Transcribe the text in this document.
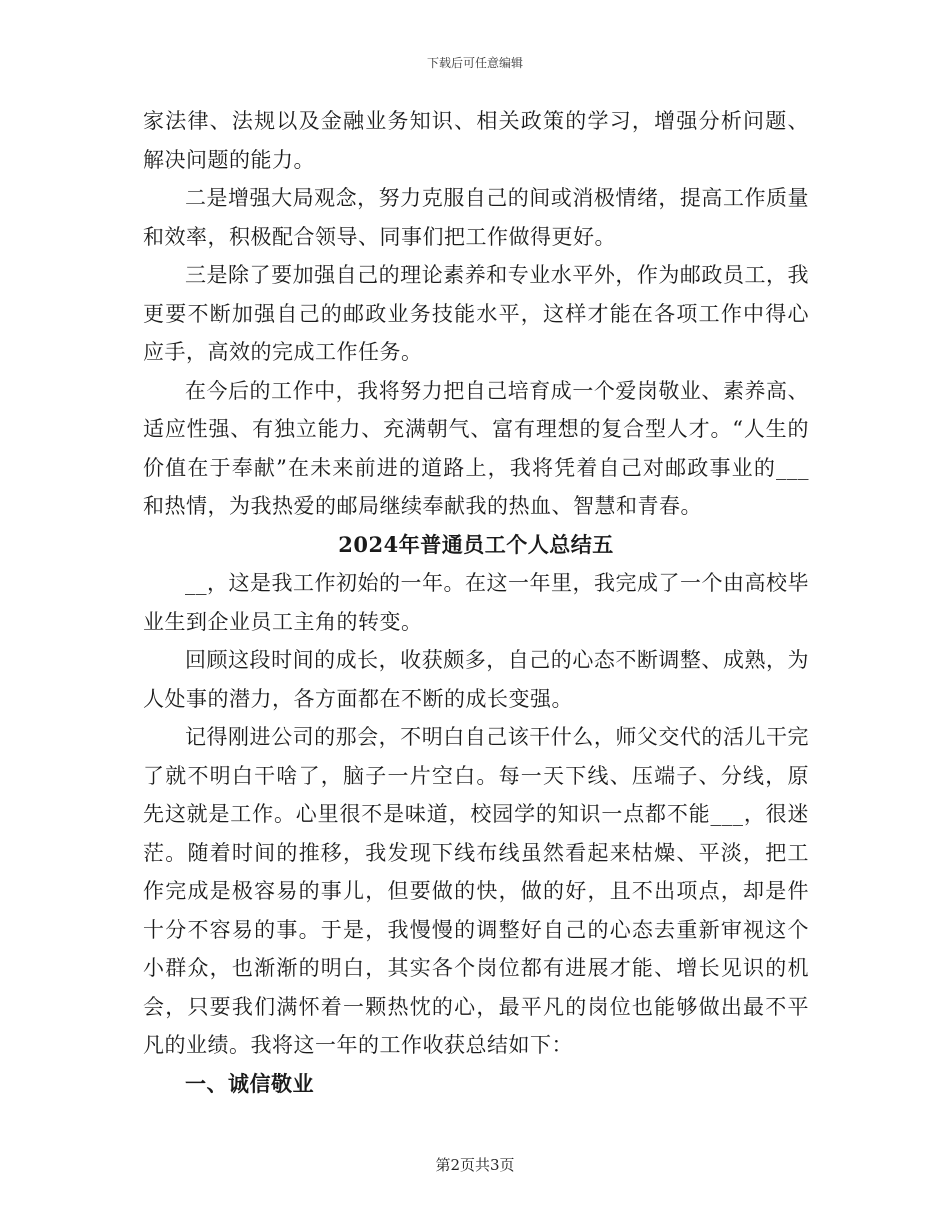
下载后可任意编辑

家法律、法规以及金融业务知识、相关政策的学习，增强分析问题、解决问题的能力。

二是增强大局观念，努力克服自己的间或消极情绪，提高工作质量和效率，积极配合领导、同事们把工作做得更好。

三是除了要加强自己的理论素养和专业水平外，作为邮政员工，我更要不断加强自己的邮政业务技能水平，这样才能在各项工作中得心应手，高效的完成工作任务。

在今后的工作中，我将努力把自己培育成一个爱岗敬业、素养高、适应性强、有独立能力、充满朝气、富有理想的复合型人才。“人生的价值在于奉献”在未来前进的道路上，我将凭着自己对邮政事业的___和热情，为我热爱的邮局继续奉献我的热血、智慧和青春。

2024年普通员工个人总结五

__，这是我工作初始的一年。在这一年里，我完成了一个由高校毕业生到企业员工主角的转变。

回顾这段时间的成长，收获颇多，自己的心态不断调整、成熟，为人处事的潜力，各方面都在不断的成长变强。

记得刚进公司的那会，不明白自己该干什么，师父交代的活儿干完了就不明白干啥了，脑子一片空白。每一天下线、压端子、分线，原先这就是工作。心里很不是味道，校园学的知识一点都不能___，很迷茫。随着时间的推移，我发现下线布线虽然看起来枯燥、平淡，把工作完成是极容易的事儿，但要做的快，做的好，且不出项点，却是件十分不容易的事。于是，我慢慢的调整好自己的心态去重新审视这个小群众，也渐渐的明白，其实各个岗位都有进展才能、增长见识的机会，只要我们满怀着一颗热忱的心，最平凡的岗位也能够做出最不平凡的业绩。我将这一年的工作收获总结如下：

一、诚信敬业

第2页共3页
